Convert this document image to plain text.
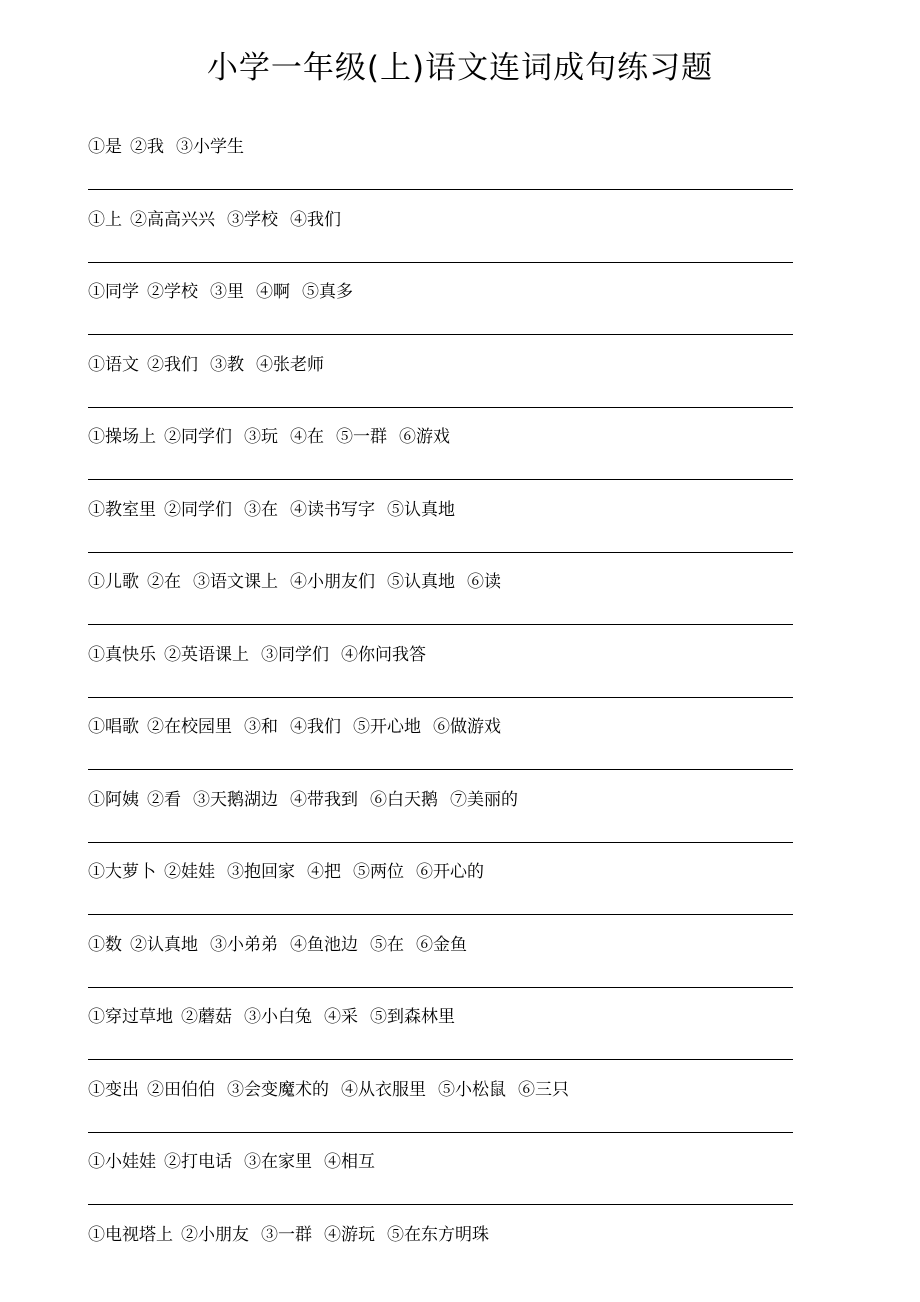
小学一年级(上)语文连词成句练习题
①是 ②我 ③小学生
①上 ②高高兴兴 ③学校 ④我们
①同学 ②学校 ③里 ④啊 ⑤真多
①语文 ②我们 ③教 ④张老师
①操场上 ②同学们 ③玩 ④在 ⑤一群 ⑥游戏
①教室里 ②同学们 ③在 ④读书写字 ⑤认真地
①儿歌 ②在 ③语文课上 ④小朋友们 ⑤认真地 ⑥读
①真快乐 ②英语课上 ③同学们 ④你问我答
①唱歌 ②在校园里 ③和 ④我们 ⑤开心地 ⑥做游戏
①阿姨 ②看 ③天鹅湖边 ④带我到 ⑥白天鹅 ⑦美丽的
①大萝卜 ②娃娃 ③抱回家 ④把 ⑤两位 ⑥开心的
①数 ②认真地 ③小弟弟 ④鱼池边 ⑤在 ⑥金鱼
①穿过草地 ②蘑菇 ③小白兔 ④采 ⑤到森林里
①变出 ②田伯伯 ③会变魔术的 ④从衣服里 ⑤小松鼠 ⑥三只
①小娃娃 ②打电话 ③在家里 ④相互
①电视塔上 ②小朋友 ③一群 ④游玩 ⑤在东方明珠
